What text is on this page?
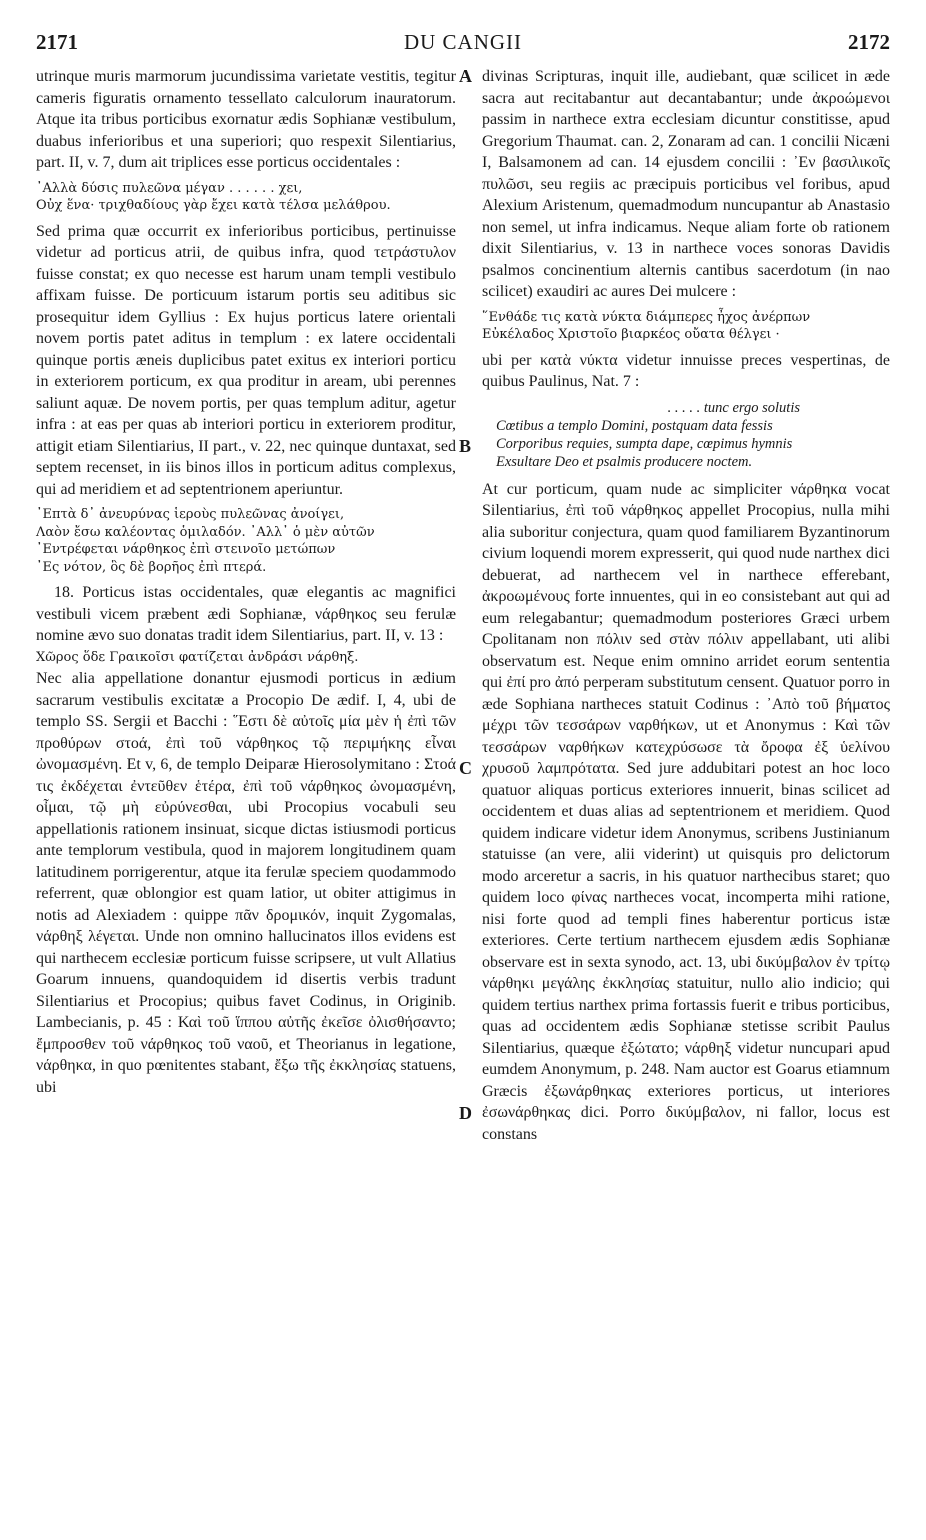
2171	DU CANGII	2172
A
B
C
D

utrinque muris marmorum jucundissima varietate vestitis, tegitur cameris figuratis ornamento tessellato calculorum inauratorum. Atque ita tribus porticibus exornatur ædis Sophianæ vestibulum, duabus inferioribus et una superiori; quo respexit Silentiarius, part. II, v. 7, dum ait triplices esse porticus occidentales :

᾿Αλλὰ δύσις πυλεῶνα μέγαν . . . . . . χει,
Οὐχ ἕνα· τριχθαδίους γὰρ ἔχει κατὰ τέλσα μελάθρου.

Sed prima quæ occurrit ex inferioribus porticibus, pertinuisse videtur ad porticus atrii, de quibus infra, quod τετράστυλον fuisse constat; ex quo necesse est harum unam templi vestibulo affixam fuisse. De porticuum istarum portis seu aditibus sic prosequitur idem Gyllius : Ex hujus porticus latere orientali novem portis patet aditus in templum : ex latere occidentali quinque portis æneis duplicibus patet exitus ex interiori porticu in exteriorem porticum, ex qua proditur in aream, ubi perennes saliunt aquæ. De novem portis, per quas templum aditur, agetur infra : at eas per quas ab interiori porticu in exteriorem proditur, attigit etiam Silentiarius, II part., v. 22, nec quinque duntaxat, sed septem recenset, in iis binos illos in porticum aditus complexus, qui ad meridiem et ad septentrionem aperiuntur.

᾿Επτὰ δ᾿ ἀνευρύνας ἱεροὺς πυλεῶνας ἀνοίγει,
Λαὸν ἔσω καλέοντας ὁμιλαδόν. ᾿Αλλ᾿ ὁ μὲν αὐτῶν
᾿Εντρέφεται νάρθηκος ἐπὶ στεινοῖο μετώπων
᾿Ες νότον, ὃς δὲ βορῆος ἐπὶ πτερά.

18. Porticus istas occidentales, quæ elegantis ac magnifici vestibuli vicem præbent ædi Sophianæ, νάρθηκος seu ferulæ nomine ævo suo donatas tradit idem Silentiarius, part. II, v. 13 :

Χῶρος ὅδε Γραικοῖσι φατίζεται ἀνδράσι νάρθηξ.

Nec alia appellatione donantur ejusmodi porticus in ædium sacrarum vestibulis excitatæ a Procopio De ædif. I, 4, ubi de templo SS. Sergii et Bacchi : ῞Εστι δὲ αὐτοῖς μία μὲν ἡ ἐπὶ τῶν προθύρων στοά, ἐπὶ τοῦ νάρθηκος τῷ περιμήκης εἶναι ὠνομασμένη. Et v, 6, de templo Deiparæ Hierosolymitano : Στοά τις ἐκδέχεται ἐντεῦθεν ἑτέρα, ἐπὶ τοῦ νάρθηκος ὠνομασμένη, οἶμαι, τῷ μὴ εὐρύνεσθαι, ubi Procopius vocabuli seu appellationis rationem insinuat, sicque dictas istiusmodi porticus ante templorum vestibula, quod in majorem longitudinem quam latitudinem porrigerentur, atque ita ferulæ speciem quodammodo referrent, quæ oblongior est quam latior, ut obiter attigimus in notis ad Alexiadem : quippe πᾶν δρομικόν, inquit Zygomalas, νάρθηξ λέγεται. Unde non omnino hallucinatos illos evidens est qui narthecem ecclesiæ porticum fuisse scripsere, ut vult Allatius Goarum innuens, quandoquidem id disertis verbis tradunt Silentiarius et Procopius; quibus favet Codinus, in Originib. Lambecianis, p. 45 : Καὶ τοῦ ἵππου αὐτῆς ἐκεῖσε ὀλισθήσαντο; ἔμπροσθεν τοῦ νάρθηκος τοῦ ναοῦ, et Theorianus in legatione, νάρθηκα, in quo pœnitentes stabant, ἔξω τῆς ἐκκλησίας statuens, ubi

divinas Scripturas, inquit ille, audiebant, quæ scilicet in æde sacra aut recitabantur aut decantabantur; unde ἀκροώμενοι passim in narthece extra ecclesiam dicuntur constitisse, apud Gregorium Thaumat. can. 2, Zonaram ad can. 1 concilii Nicæni I, Balsamonem ad can. 14 ejusdem concilii : ᾿Εν βασιλικοῖς πυλῶσι, seu regiis ac præcipuis porticibus vel foribus, apud Alexium Aristenum, quemadmodum nuncupantur ab Anastasio non semel, ut infra indicamus. Neque aliam forte ob rationem dixit Silentiarius, v. 13 in narthece voces sonoras Davidis psalmos concinentium alternis cantibus sacerdotum (in nao scilicet) exaudiri ac aures Dei mulcere :

῞Ενθάδε τις κατὰ νύκτα διάμπερες ἦχος ἀνέρπων
Εὐκέλαδος Χριστοῖο βιαρκέος οὔατα θέλγει ·

ubi per κατὰ νύκτα videtur innuisse preces vespertinas, de quibus Paulinus, Nat. 7 :

. . . . . tunc ergo solutis
Cœtibus a templo Domini, postquam data fessis
Corporibus requies, sumpta dape, cœpimus hymnis
Exsultare Deo et psalmis producere noctem.

At cur porticum, quam nude ac simpliciter νάρθηκα vocat Silentiarius, ἐπὶ τοῦ νάρθηκος appellet Procopius, nulla mihi alia suboritur conjectura, quam quod familiarem Byzantinorum civium loquendi morem expresserit, qui quod nude narthex dici debuerat, ad narthecem vel in narthece efferebant, ἀκροωμένους forte innuentes, qui in eo consistebant aut qui ad eum relegabantur; quemadmodum posteriores Græci urbem Cpolitanam non πόλιν sed στὰν πόλιν appellabant, uti alibi observatum est. Neque enim omnino arridet eorum sententia qui ἐπί pro ἀπό perperam substitutum censent. Quatuor porro in æde Sophiana nartheces statuit Codinus : ᾿Απὸ τοῦ βήματος μέχρι τῶν τεσσάρων ναρθήκων, ut et Anonymus : Καὶ τῶν τεσσάρων ναρθήκων κατεχρύσωσε τὰ ὄροφα ἐξ ὑελίνου χρυσοῦ λαμπρότατα. Sed jure addubitari potest an hoc loco quatuor aliquas porticus exteriores innuerit, binas scilicet ad occidentem et duas alias ad septentrionem et meridiem. Quod quidem indicare videtur idem Anonymus, scribens Justinianum statuisse (an vere, alii viderint) ut quisquis pro delictorum modo arceretur a sacris, in his quatuor narthecibus staret; quo quidem loco φίνας nartheces vocat, incomperta mihi ratione, nisi forte quod ad templi fines haberentur porticus istæ exteriores. Certe tertium narthecem ejusdem ædis Sophianæ observare est in sexta synodo, act. 13, ubi δικύμβαλον ἐν τρίτῳ νάρθηκι μεγάλης ἐκκλησίας statuitur, nullo alio indicio; qui quidem tertius narthex prima fortassis fuerit e tribus porticibus, quas ad occidentem ædis Sophianæ stetisse scribit Paulus Silentiarius, quæque ἐξώτατο; νάρθηξ videtur nuncupari apud eumdem Anonymum, p. 248. Nam auctor est Goarus etiamnum Græcis ἐξωνάρθηκας exteriores porticus, ut interiores ἐσωνάρθηκας dici. Porro δικύμβαλον, ni fallor, locus est constans
